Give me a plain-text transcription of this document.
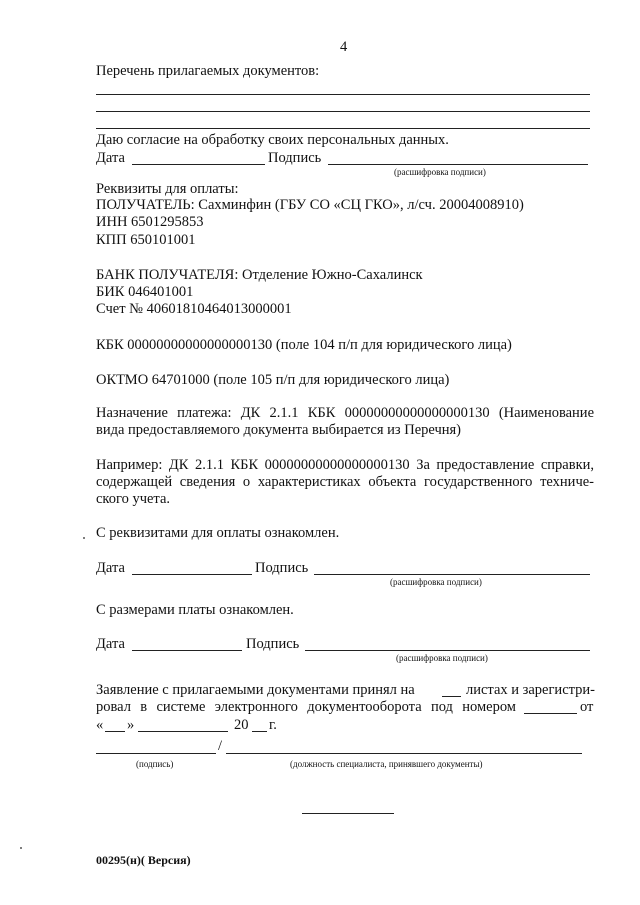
4
Перечень прилагаемых документов:
Даю согласие на обработку своих персональных данных.
Дата	Подпись
(расшифровка подписи)
Реквизиты для оплаты:
ПОЛУЧАТЕЛЬ: Сахминфин (ГБУ СО «СЦ ГКО», л/сч. 20004008910)
ИНН 6501295853
КПП 650101001
БАНК ПОЛУЧАТЕЛЯ: Отделение Южно-Сахалинск
БИК 046401001
Счет № 40601810464013000001
КБК 00000000000000000130 (поле 104 п/п для юридического лица)
ОКТМО 64701000 (поле 105 п/п для юридического лица)
Назначение платежа: ДК 2.1.1 КБК 00000000000000000130 (Наименование
вида предоставляемого документа выбирается из Перечня)
Например: ДК 2.1.1 КБК 00000000000000000130 За предоставление справки,
содержащей сведения о характеристиках объекта государственного техниче-
ского учета.
С реквизитами для оплаты ознакомлен.
Дата	Подпись
(расшифровка подписи)
С размерами платы ознакомлен.
Дата	Подпись
(расшифровка подписи)
Заявление с прилагаемыми документами принял на	листах и зарегистри-
ровал в системе электронного документооборота под номером	от
« »	20 г.
/
(подпись)	(должность специалиста, принявшего документы)
00295(н)( Версия)
